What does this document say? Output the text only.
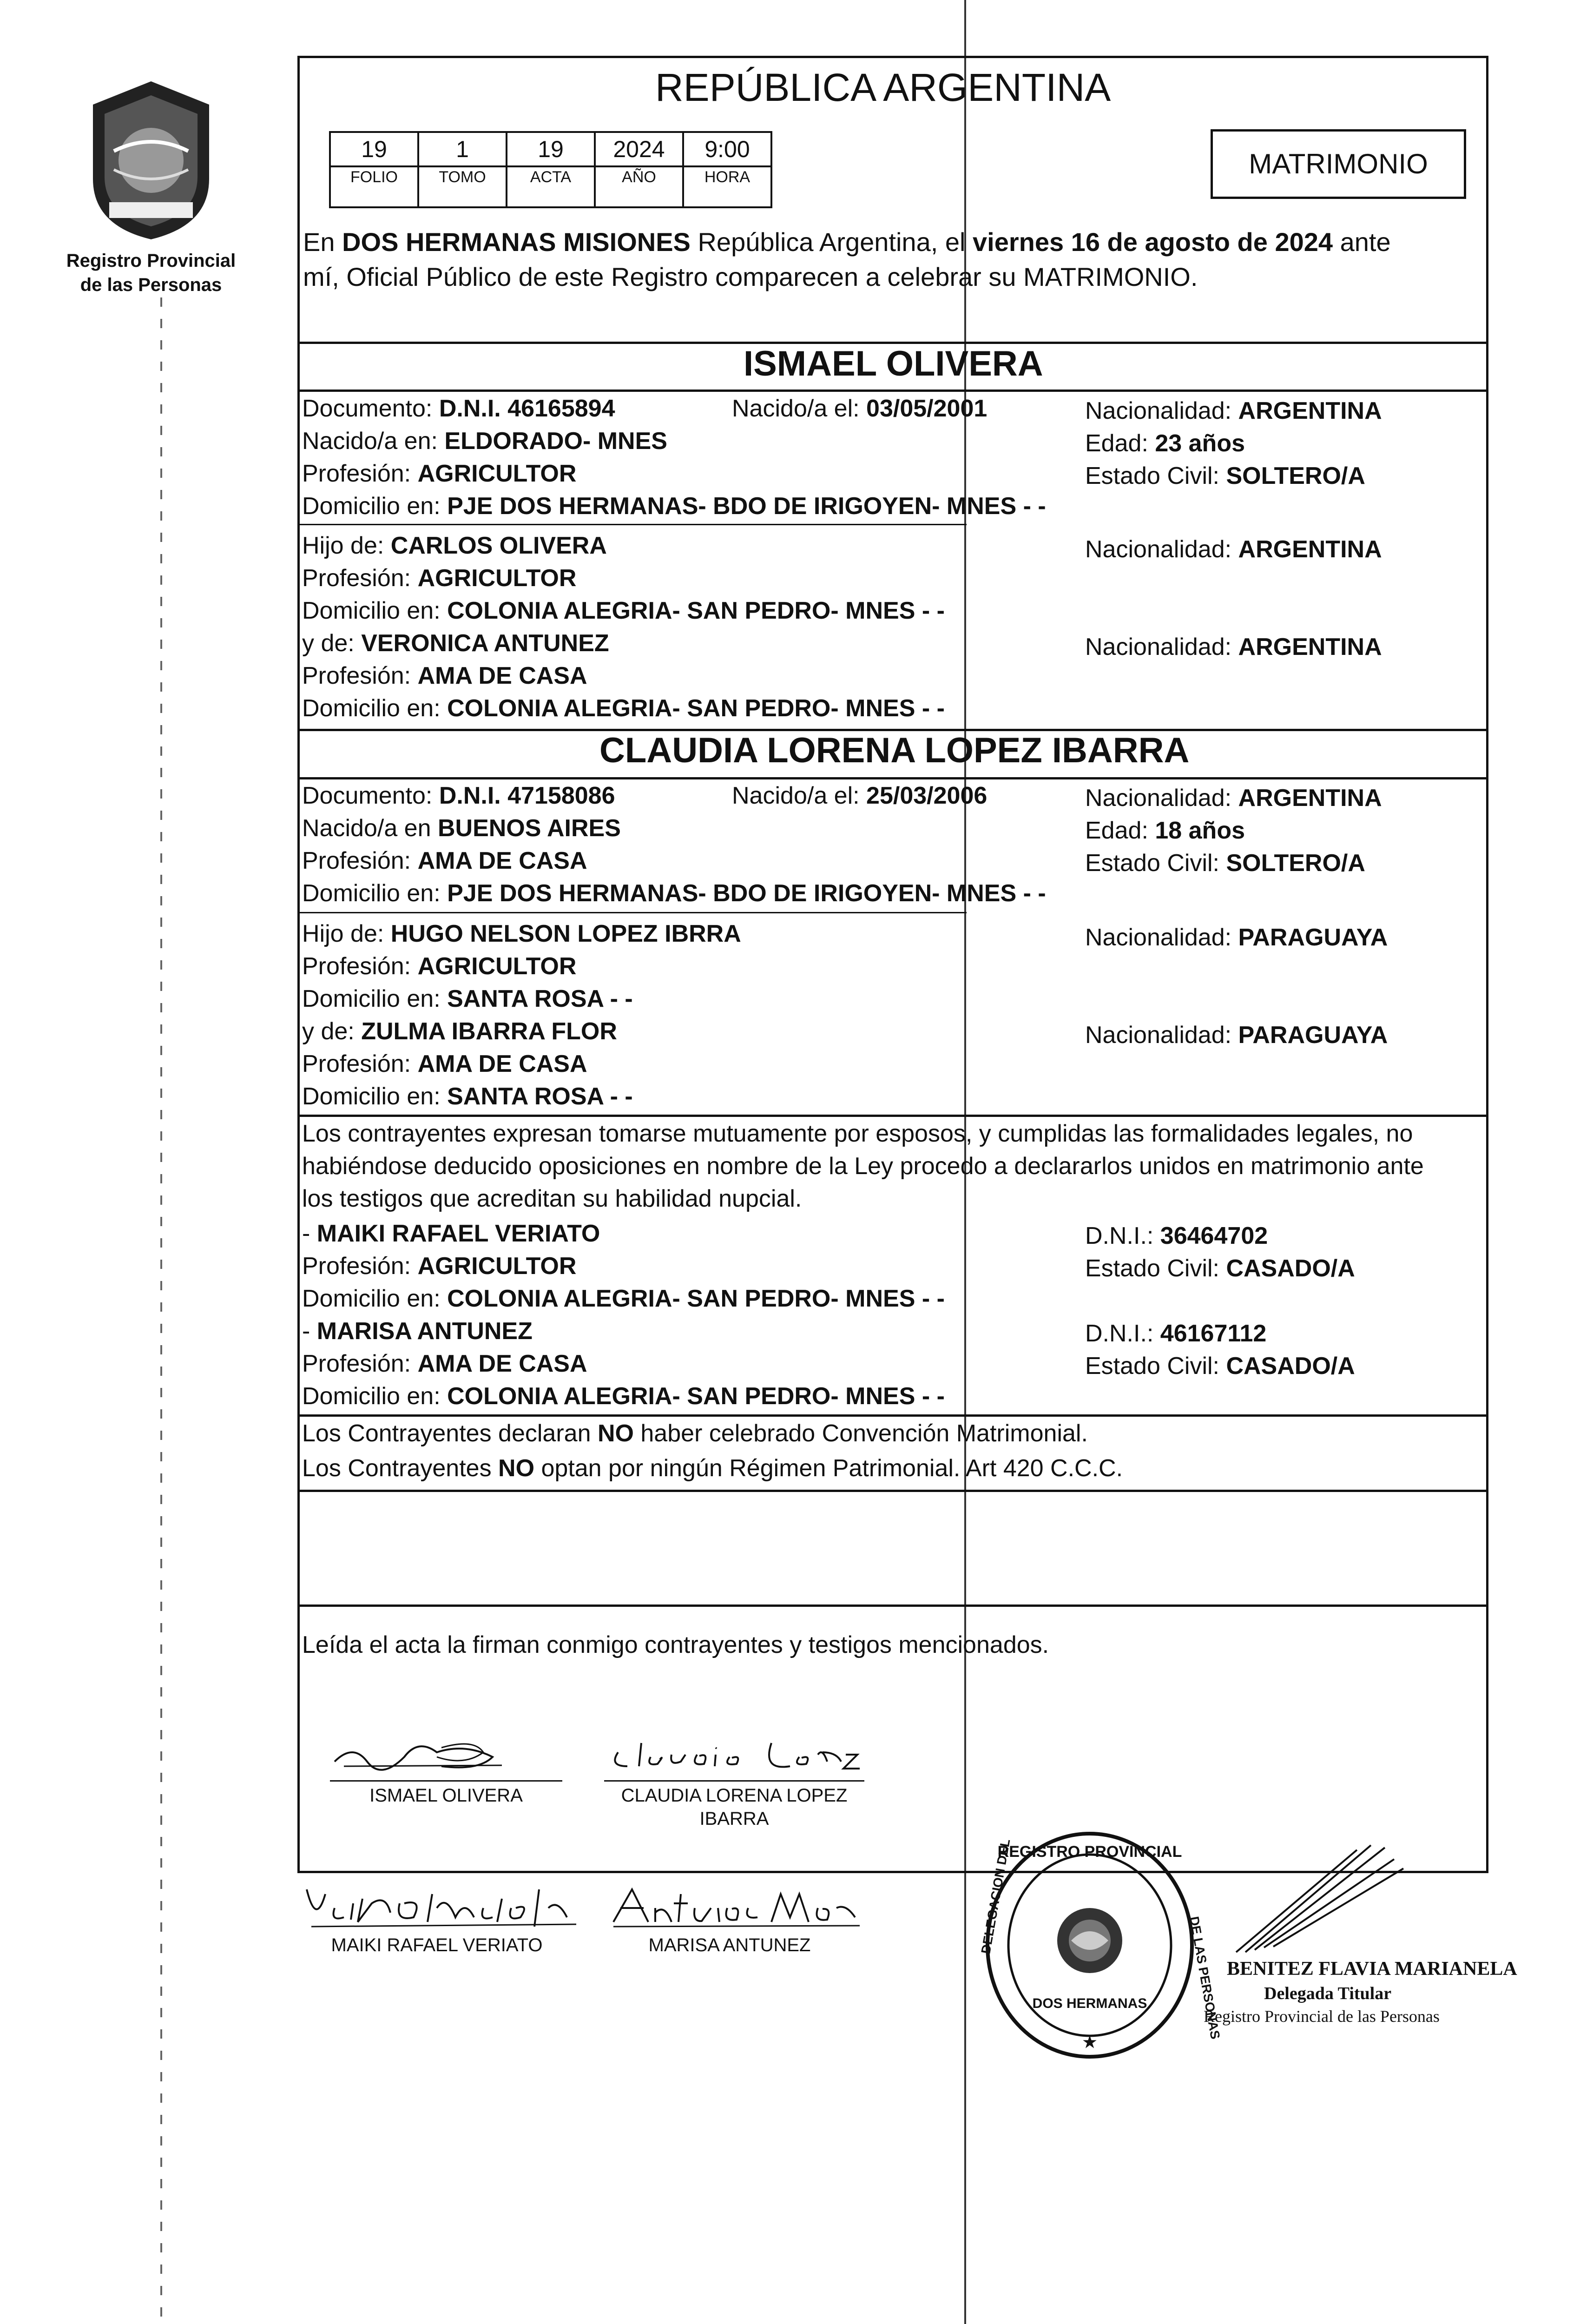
Registro Provincial de las Personas
REPÚBLICA ARGENTINA
19
FOLIO
1
TOMO
19
ACTA
2024
AÑO
9:00
HORA	MATRIMONIO
En DOS HERMANAS MISIONES República Argentina, el viernes 16 de agosto de 2024 ante
mí, Oficial Público de este Registro comparecen a celebrar su MATRIMONIO.
ISMAEL OLIVERA
Documento: D.N.I. 46165894	Nacido/a el: 03/05/2001	Nacionalidad: ARGENTINA
Nacido/a en: ELDORADO- MNES	Edad: 23 años
Profesión: AGRICULTOR	Estado Civil: SOLTERO/A
Domicilio en: PJE DOS HERMANAS- BDO DE IRIGOYEN- MNES - -
Hijo de: CARLOS OLIVERA	Nacionalidad: ARGENTINA
Profesión: AGRICULTOR
Domicilio en: COLONIA ALEGRIA- SAN PEDRO- MNES - -
y de: VERONICA ANTUNEZ	Nacionalidad: ARGENTINA
Profesión: AMA DE CASA
Domicilio en: COLONIA ALEGRIA- SAN PEDRO- MNES - -
CLAUDIA LORENA LOPEZ IBARRA
Documento: D.N.I. 47158086	Nacido/a el: 25/03/2006	Nacionalidad: ARGENTINA
Nacido/a en BUENOS AIRES	Edad: 18 años
Profesión: AMA DE CASA	Estado Civil: SOLTERO/A
Domicilio en: PJE DOS HERMANAS- BDO DE IRIGOYEN- MNES - -
Hijo de: HUGO NELSON LOPEZ IBRRA	Nacionalidad: PARAGUAYA
Profesión: AGRICULTOR
Domicilio en: SANTA ROSA - -
y de: ZULMA IBARRA FLOR	Nacionalidad: PARAGUAYA
Profesión: AMA DE CASA
Domicilio en: SANTA ROSA - -
Los contrayentes expresan tomarse mutuamente por esposos, y cumplidas las formalidades legales, no
habiéndose deducido oposiciones en nombre de la Ley procedo a declararlos unidos en matrimonio ante
los testigos que acreditan su habilidad nupcial.
- MAIKI RAFAEL VERIATO	D.N.I.: 36464702
Profesión: AGRICULTOR	Estado Civil: CASADO/A
Domicilio en: COLONIA ALEGRIA- SAN PEDRO- MNES - -
- MARISA ANTUNEZ	D.N.I.: 46167112
Profesión: AMA DE CASA	Estado Civil: CASADO/A
Domicilio en: COLONIA ALEGRIA- SAN PEDRO- MNES - -
Los Contrayentes declaran NO haber celebrado Convención Matrimonial.
Los Contrayentes NO optan por ningún Régimen Patrimonial. Art 420 C.C.C.
Leída el acta la firman conmigo contrayentes y testigos mencionados.
ISMAEL OLIVERA	CLAUDIA LORENA LOPEZ
IBARRA
MAIKI RAFAEL VERIATO	MARISA ANTUNEZ
REGISTRO PROVINCIAL
★
DELEGACION DEL
DE LAS PERSONAS
DOS HERMANAS
BENITEZ FLAVIA MARIANELA
Delegada Titular
Registro Provincial de las Personas
